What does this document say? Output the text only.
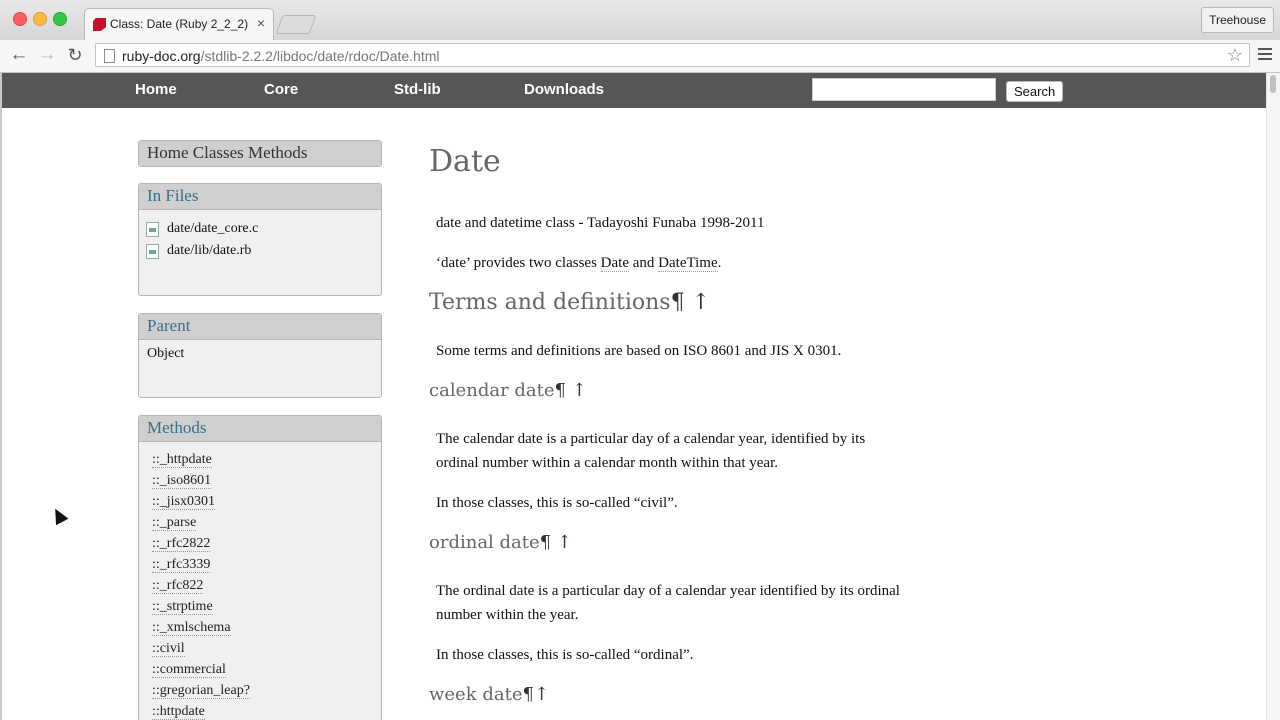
Class: Date (Ruby 2_2_2) ×	Treehouse
← → ↻	ruby-doc.org/stdlib-2.2.2/libdoc/date/rdoc/Date.html	☆
Home	Core	Std-lib	Downloads	Search
Home Classes Methods
In Files
date/date_core.c
date/lib/date.rb
Parent
Object
Methods
::_httpdate
::_iso8601
::_jisx0301
::_parse
::_rfc2822
::_rfc3339
::_rfc822
::_strptime
::_xmlschema
::civil
::commercial
::gregorian_leap?
::httpdate
Date
date and datetime class - Tadayoshi Funaba 1998-2011
‘date’ provides two classes Date and DateTime.
Terms and definitions¶ ↑
Some terms and definitions are based on ISO 8601 and JIS X 0301.
calendar date¶ ↑
The calendar date is a particular day of a calendar year, identified by its
ordinal number within a calendar month within that year.
In those classes, this is so-called “civil”.
ordinal date¶ ↑
The ordinal date is a particular day of a calendar year identified by its ordinal
number within the year.
In those classes, this is so-called “ordinal”.
week date¶↑
